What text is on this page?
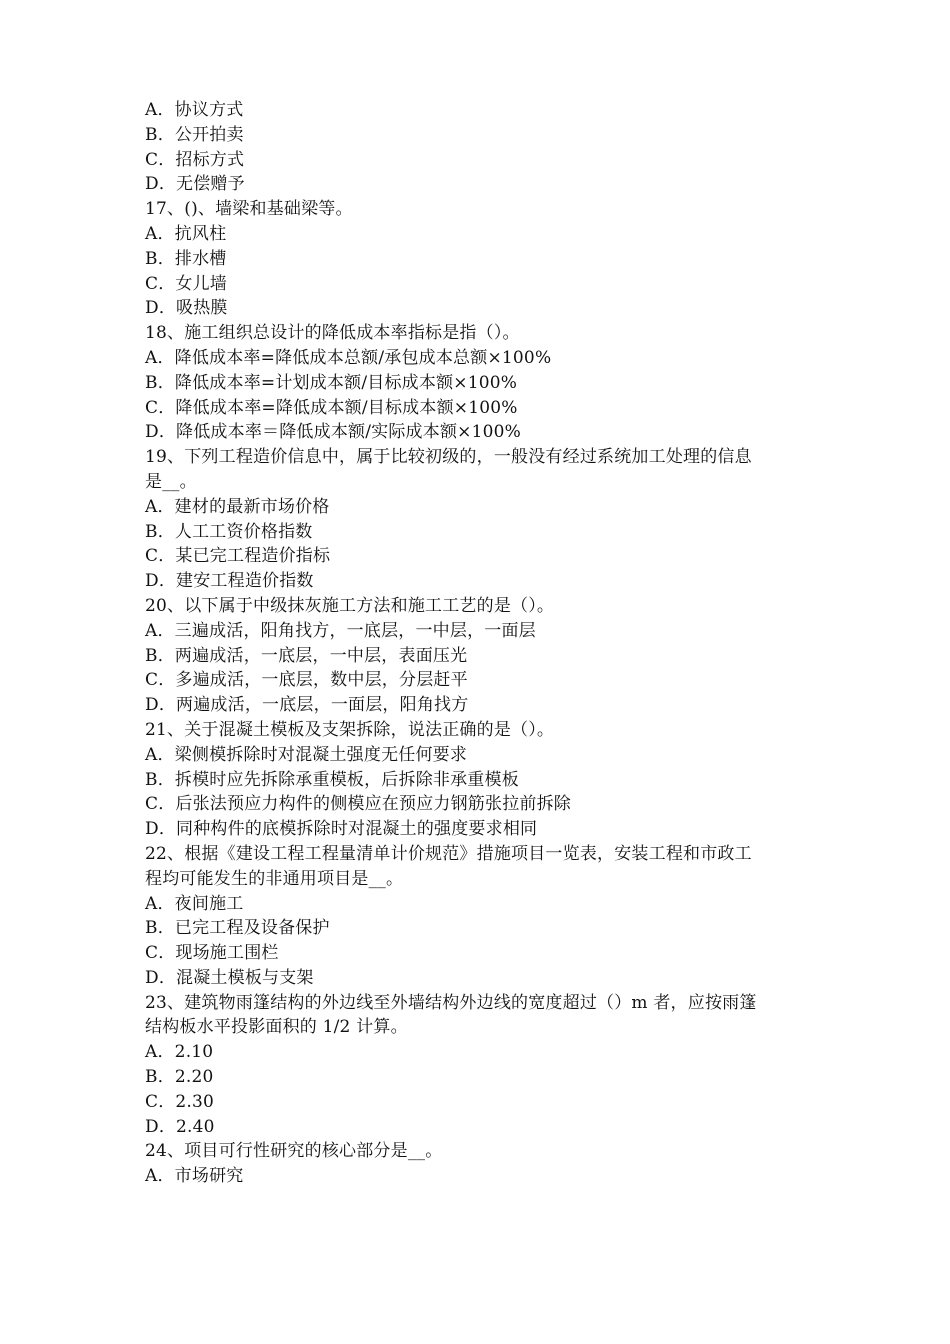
A．协议方式
B．公开拍卖
C．招标方式
D．无偿赠予
17、()、墙梁和基础梁等。
A．抗风柱
B．排水槽
C．女儿墙
D．吸热膜
18、施工组织总设计的降低成本率指标是指（）。
A．降低成本率=降低成本总额/承包成本总额×100%
B．降低成本率=计划成本额/目标成本额×100%
C．降低成本率=降低成本额/目标成本额×100%
D．降低成本率＝降低成本额/实际成本额×100%
19、下列工程造价信息中，属于比较初级的，一般没有经过系统加工处理的信息
是__。
A．建材的最新市场价格
B．人工工资价格指数
C．某已完工程造价指标
D．建安工程造价指数
20、以下属于中级抹灰施工方法和施工工艺的是（）。
A．三遍成活，阳角找方，一底层，一中层，一面层
B．两遍成活，一底层，一中层，表面压光
C．多遍成活，一底层，数中层，分层赶平
D．两遍成活，一底层，一面层，阳角找方
21、关于混凝土模板及支架拆除，说法正确的是（）。
A．梁侧模拆除时对混凝土强度无任何要求
B．拆模时应先拆除承重模板，后拆除非承重模板
C．后张法预应力构件的侧模应在预应力钢筋张拉前拆除
D．同种构件的底模拆除时对混凝土的强度要求相同
22、根据《建设工程工程量清单计价规范》措施项目一览表，安装工程和市政工
程均可能发生的非通用项目是__。
A．夜间施工
B．已完工程及设备保护
C．现场施工围栏
D．混凝土模板与支架
23、建筑物雨篷结构的外边线至外墙结构外边线的宽度超过（）m 者，应按雨篷
结构板水平投影面积的 1/2 计算。
A．2.10
B．2.20
C．2.30
D．2.40
24、项目可行性研究的核心部分是__。
A．市场研究
